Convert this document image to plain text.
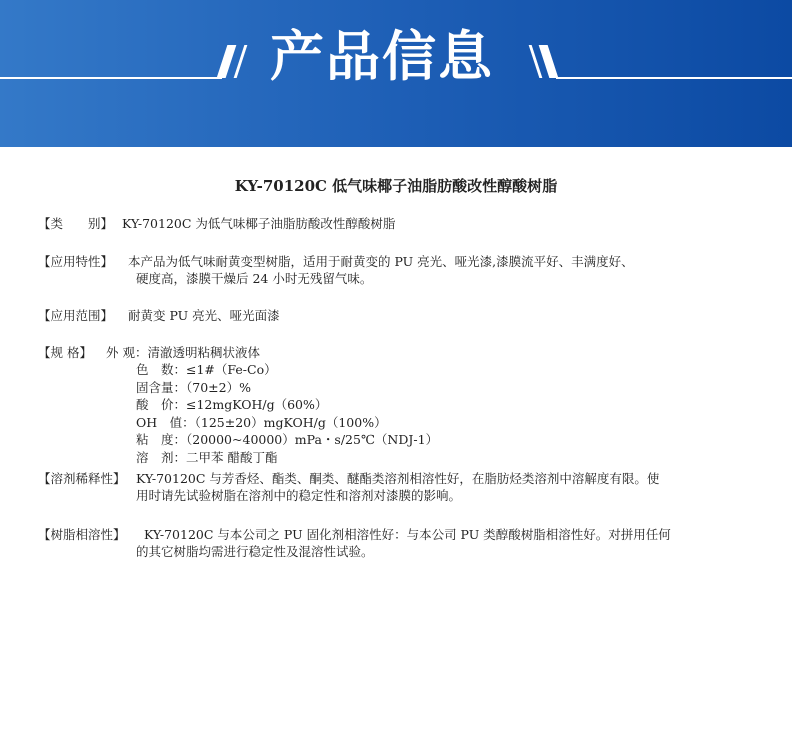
产品信息
KY-70120C 低气味椰子油脂肪酸改性醇酸树脂
【类　　别】 KY-70120C 为低气味椰子油脂肪酸改性醇酸树脂
【应用特性】 本产品为低气味耐黄变型树脂，适用于耐黄变的 PU 亮光、哑光漆,漆膜流平好、丰满度好、
硬度高，漆膜干燥后 24 小时无残留气味。
【应用范围】 耐黄变 PU 亮光、哑光面漆
【规 格】 外 观：清澈透明粘稠状液体
色　数：≤1#（Fe-Co）
固含量：（70±2）%
酸　价：≤12mgKOH/g（60%）
OH　值：（125±20）mgKOH/g（100%）
粘　度：（20000~40000）mPa・s/25℃（NDJ-1）
溶　剂：二甲苯 醋酸丁酯
【溶剂稀释性】 KY-70120C 与芳香烃、酯类、酮类、醚酯类溶剂相溶性好，在脂肪烃类溶剂中溶解度有限。使
用时请先试验树脂在溶剂中的稳定性和溶剂对漆膜的影响。
【树脂相溶性】 KY-70120C 与本公司之 PU 固化剂相溶性好：与本公司 PU 类醇酸树脂相溶性好。对拼用任何
的其它树脂均需进行稳定性及混溶性试验。
